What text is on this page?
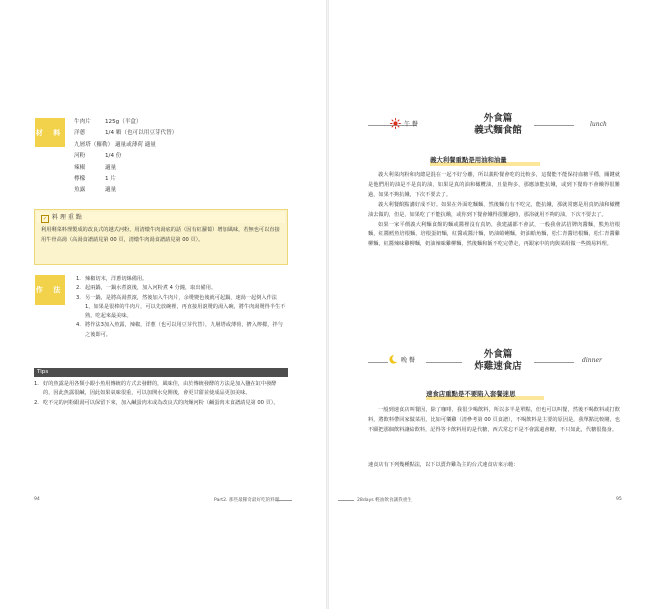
材 料
牛肉片	125g（半盒）
洋蔥	1/4 顆（也可以用豆芽代替）
九層塔（羅勒） 適量或薄荷 適量
河粉	1/4 份
辣椒	適量
檸檬	1 片
魚露	適量
✓ 料 理 重 點
利用剩菜料理製成的改良式的越式河粉，用清燉牛肉湯底的話（因有紅蘿蔔）增加風味，若無也可以直接用牛骨高湯（高湯食譜請見第 00 頁，清燉牛肉湯食譜請見第 00 頁）。
作 法
1. 辣椒切末，洋蔥切絲備用。
2. 起兩鍋，一鍋水煮滾後，加入河粉煮 4 分鐘，取出備用。
3. 另一鍋，是將高湯煮滾，然後加入牛肉片，余燙變色後就可起鍋，速湯一起倒入作法 1，如果是很棒的牛肉片，可以先放碗裡，再直接用滾燙的湯入碗，將牛肉湯燙得半生不熟，吃起來最美味。
4. 將作法3加入魚露，辣椒，洋蔥（也可以用豆芽代替），九層塔或薄荷，擠入檸檬，拌勻之後即可。
Tips
1. 好的魚露是用各類小銀小魚用傳統的方式去發酵的，風味佳，由於傳統發酵的方法是加入鹽在缸中發酵的，因此魚露很鹹，因此如果氣味很重，可以加開水兌開後，會更甘甜並使成品更加美味。
2. 吃不完的河粉跟湯可以保留下來，加入鹹蛋肉末或為改良式的肉燥河粉（鹹蛋肉末食譜請見第 00 頁）。
94	Part2. 那些最稀奇最好吃的料理
午 餐
外食篇
義式麵食館
lunch
義大利餐重點是用油和油量

義大利菜肉粉和肉總是混在一起不好分離，所以義粉餐會吃的比較多，這餐能不能保持血糖平穩，關鍵就是他們用的油是不是真的油，如果是真的油和橄欖油，且量夠多，那應該能抗餓，或到下餐時不會餓得很難過，如果不夠抗餓，下次不要去了。

義大利餐館點講好成不好。如果在外面吃麵麵，然後麵有有不吃完，能抗餓，那就常應是用真奶油和橄欖油去做的，但是，如果吃了不能抗餓，或你到下餐會餓得很難過時，那浴就用不夠的油，下次不要去了。

如果一家平價義大利麵食館的麵或醬裡沒有真奶，我建議都不會試，一般我會試招牌肉醬麵，熊魚培根麵，紅醬鱈魚培根麵，培根蛋奶麵，紅醬或醬汁麵，奶油蛤蜊麵，奶油蛤角麵，松仁青醬培根麵，松仁青醬雞柳麵，紅醬辣味雞柳麵，奶油辣味雞柳麵，然後麵和飯不吃完帶走，再跟家中的肉與菜組做一些簡易料理。

晚 餐
外食篇
炸雞速食店
dinner
速食店重點是不要陷入套餐迷思

一般到速食店叫餐因，除了咖啡，我很少喝飲料，所以多半是單點，但也可以叫餐，然後不喝飲料或打飲料，將飲料帶回家做菜用，比如可樂雞（清參考第 00 頁食譜），不喝飲料是主要的原因是，我單點比較剛，也不願把那個飲料讓給飲料，記得等卡飲料用的是代糖，西式常忘不是不會露還會糖，不只如此，代糖很傷身。

速食店有下列幾種點法，以下以賣炸雞為主的台式速食店來示範：

28days 輕油飲食讓我重生	95
